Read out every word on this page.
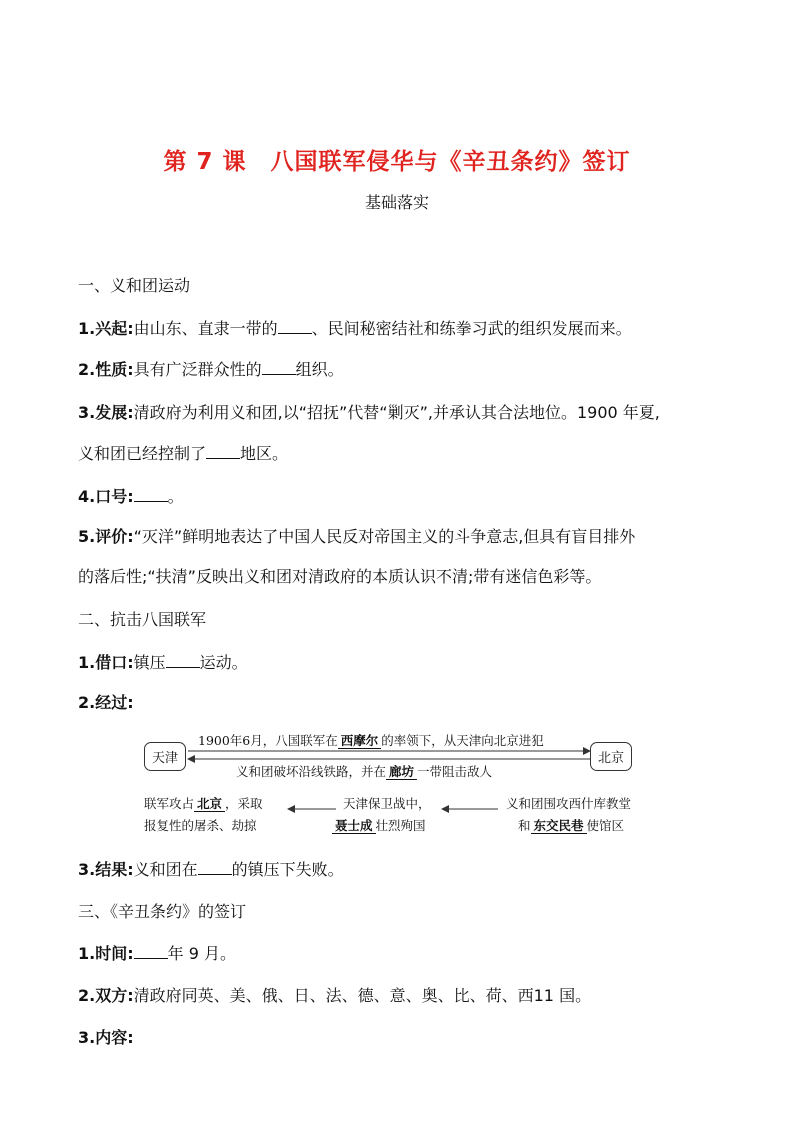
第 7 课　八国联军侵华与《辛丑条约》签订
基础落实
一、义和团运动
1.兴起:由山东、直隶一带的 、民间秘密结社和练拳习武的组织发展而来。
2.性质:具有广泛群众性的 组织。
3.发展:清政府为利用义和团,以“招抚”代替“剿灭”,并承认其合法地位。1900 年夏,
义和团已经控制了 地区。
4.口号: 。
5.评价:“灭洋”鲜明地表达了中国人民反对帝国主义的斗争意志,但具有盲目排外
的落后性;“扶清”反映出义和团对清政府的本质认识不清;带有迷信色彩等。
二、抗击八国联军
1.借口:镇压 运动。
2.经过:
天津	北京
1900年6月，八国联军在 西摩尔 的率领下，从天津向北京进犯
义和团破坏沿线铁路，并在 廊坊 一带阻击敌人
联军攻占 北京 ，采取
报复性的屠杀、劫掠
天津保卫战中，
聂士成 壮烈殉国
义和团围攻西什库教堂
和 东交民巷 使馆区
3.结果:义和团在 的镇压下失败。
三、《辛丑条约》的签订
1.时间: 年 9 月。
2.双方:清政府同英、美、俄、日、法、德、意、奥、比、荷、西11 国。
3.内容:
